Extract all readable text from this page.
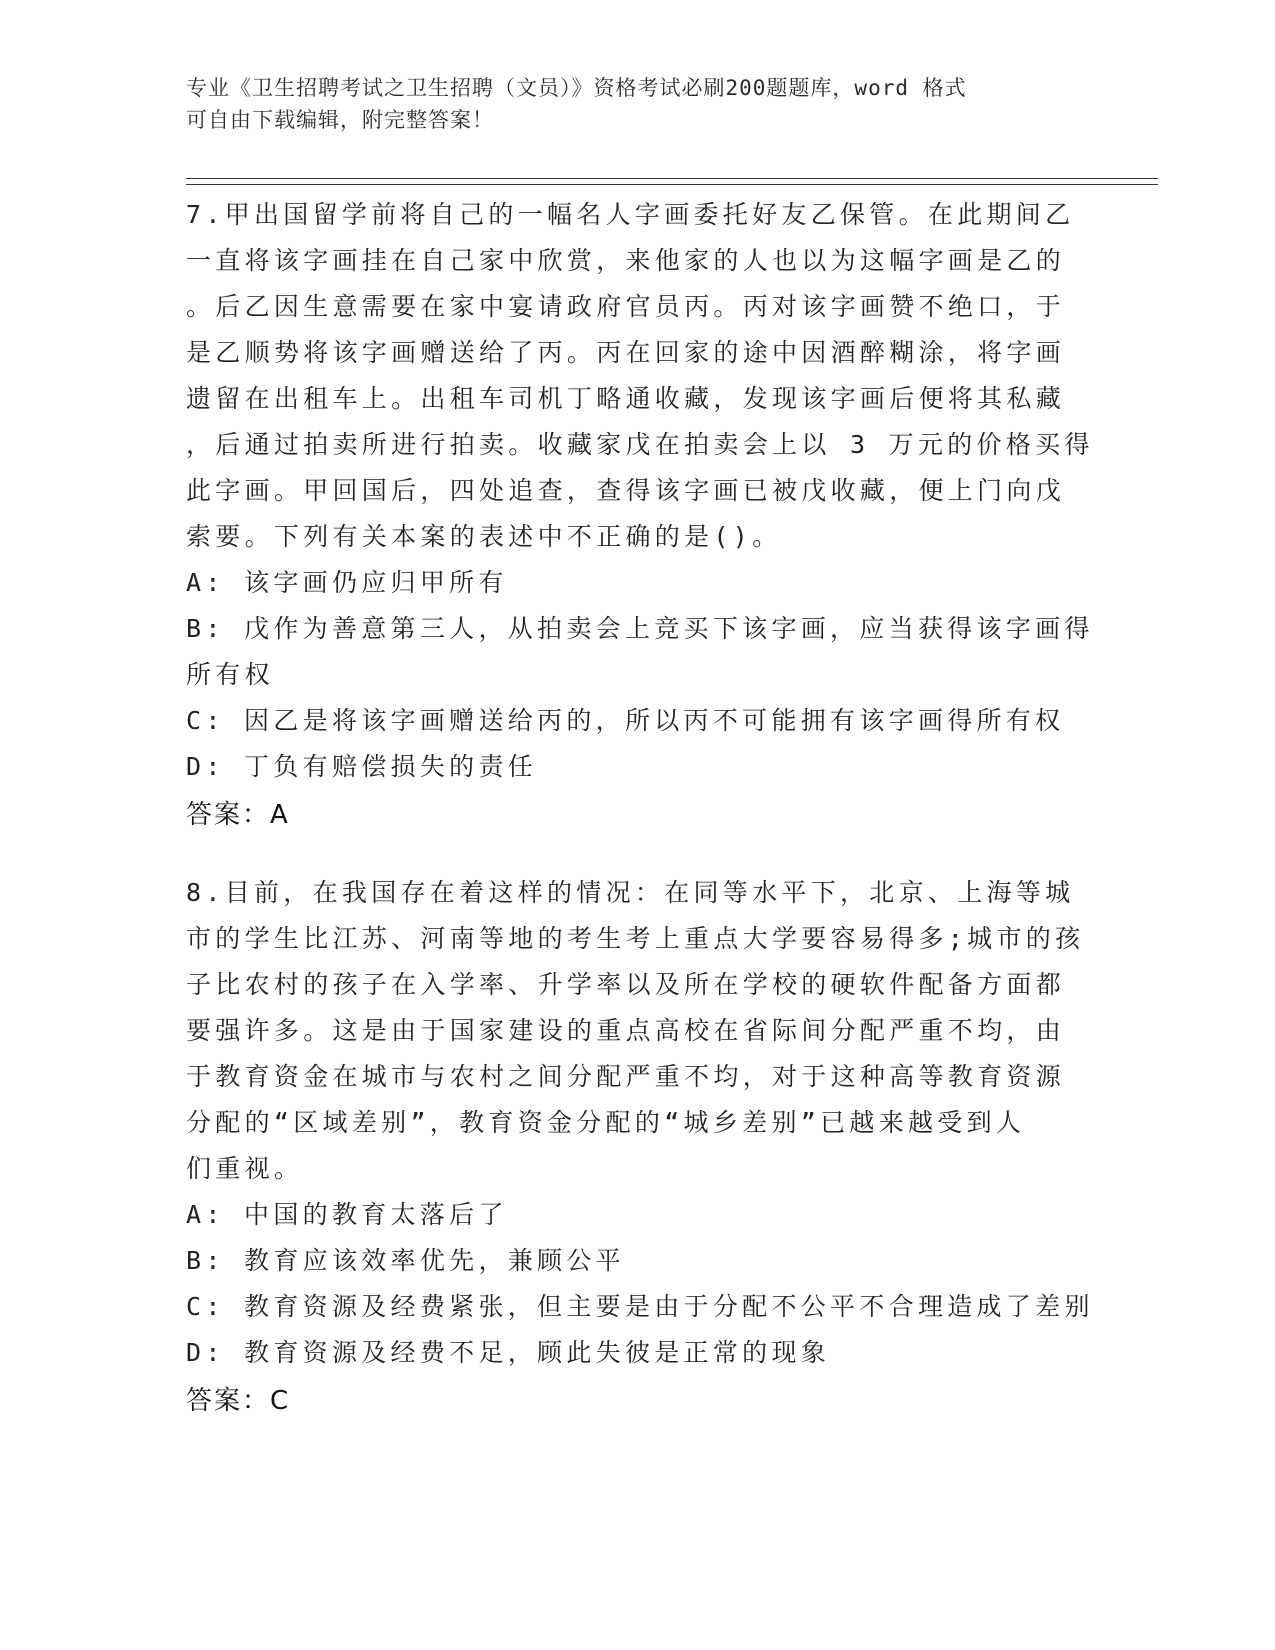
专业《卫生招聘考试之卫生招聘（文员）》资格考试必刷200题题库，word 格式
可自由下载编辑，附完整答案！
7.甲出国留学前将自己的一幅名人字画委托好友乙保管。在此期间乙
一直将该字画挂在自己家中欣赏，来他家的人也以为这幅字画是乙的
。后乙因生意需要在家中宴请政府官员丙。丙对该字画赞不绝口，于
是乙顺势将该字画赠送给了丙。丙在回家的途中因酒醉糊涂，将字画
遗留在出租车上。出租车司机丁略通收藏，发现该字画后便将其私藏
，后通过拍卖所进行拍卖。收藏家戊在拍卖会上以 3 万元的价格买得
此字画。甲回国后，四处追查，查得该字画已被戊收藏，便上门向戊
索要。下列有关本案的表述中不正确的是()。
A: 该字画仍应归甲所有
B: 戊作为善意第三人，从拍卖会上竞买下该字画，应当获得该字画得
所有权
C: 因乙是将该字画赠送给丙的，所以丙不可能拥有该字画得所有权
D: 丁负有赔偿损失的责任
答案：A
8.目前，在我国存在着这样的情况：在同等水平下，北京、上海等城
市的学生比江苏、河南等地的考生考上重点大学要容易得多;城市的孩
子比农村的孩子在入学率、升学率以及所在学校的硬软件配备方面都
要强许多。这是由于国家建设的重点高校在省际间分配严重不均，由
于教育资金在城市与农村之间分配严重不均，对于这种高等教育资源
分配的“区域差别”，教育资金分配的“城乡差别”已越来越受到人
们重视。
A: 中国的教育太落后了
B: 教育应该效率优先，兼顾公平
C: 教育资源及经费紧张，但主要是由于分配不公平不合理造成了差别
D: 教育资源及经费不足，顾此失彼是正常的现象
答案：C
